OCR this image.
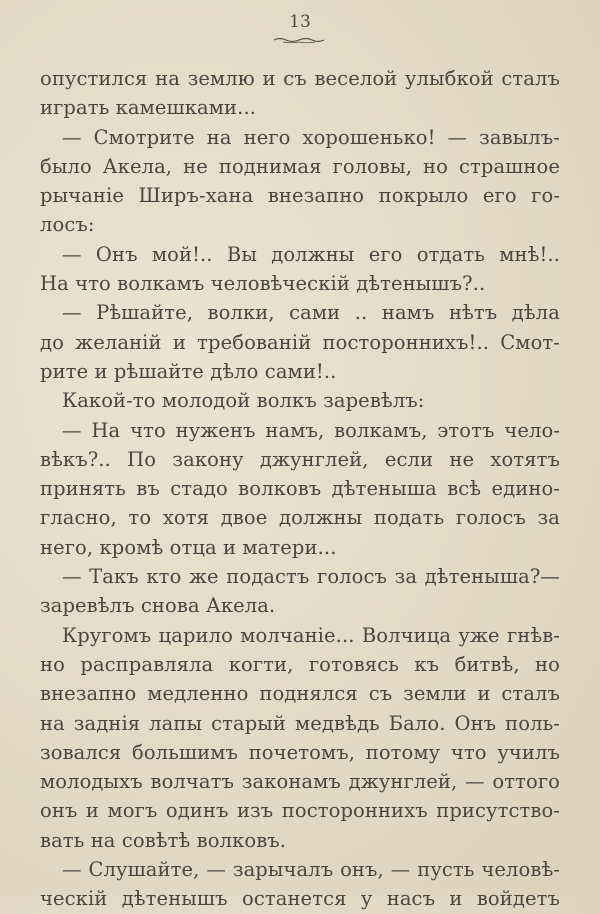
13
опустился на землю и съ веселой улыбкой сталъ
играть камешками...
— Смотрите на него хорошенько! — завылъ-
было Акела, не поднимая головы, но страшное
рычаніе Ширъ-хана внезапно покрыло его го-
лосъ:
— Онъ мой!.. Вы должны его отдать мнѣ!..
На что волкамъ человѣческій дѣтенышъ?..
— Рѣшайте, волки, сами .. намъ нѣтъ дѣла
до желаній и требованій постороннихъ!.. Смот-
рите и рѣшайте дѣло сами!..
Какой-то молодой волкъ заревѣлъ:
— На что нуженъ намъ, волкамъ, этотъ чело-
вѣкъ?.. По закону джунглей, если не хотятъ
принять въ стадо волковъ дѣтеныша всѣ едино-
гласно, то хотя двое должны подать голосъ за
него, кромѣ отца и матери...
— Такъ кто же подастъ голосъ за дѣтеныша?—
заревѣлъ снова Акела.
Кругомъ царило молчаніе... Волчица уже гнѣв-
но расправляла когти, готовясь къ битвѣ, но
внезапно медленно поднялся съ земли и сталъ
на заднія лапы старый медвѣдь Бало. Онъ поль-
зовался большимъ почетомъ, потому что училъ
молодыхъ волчатъ законамъ джунглей, — оттого
онъ и могъ одинъ изъ постороннихъ присутство-
вать на совѣтѣ волковъ.
— Слушайте, — зарычалъ онъ, — пусть человѣ-
ческій дѣтенышъ останется у насъ и войдетъ
